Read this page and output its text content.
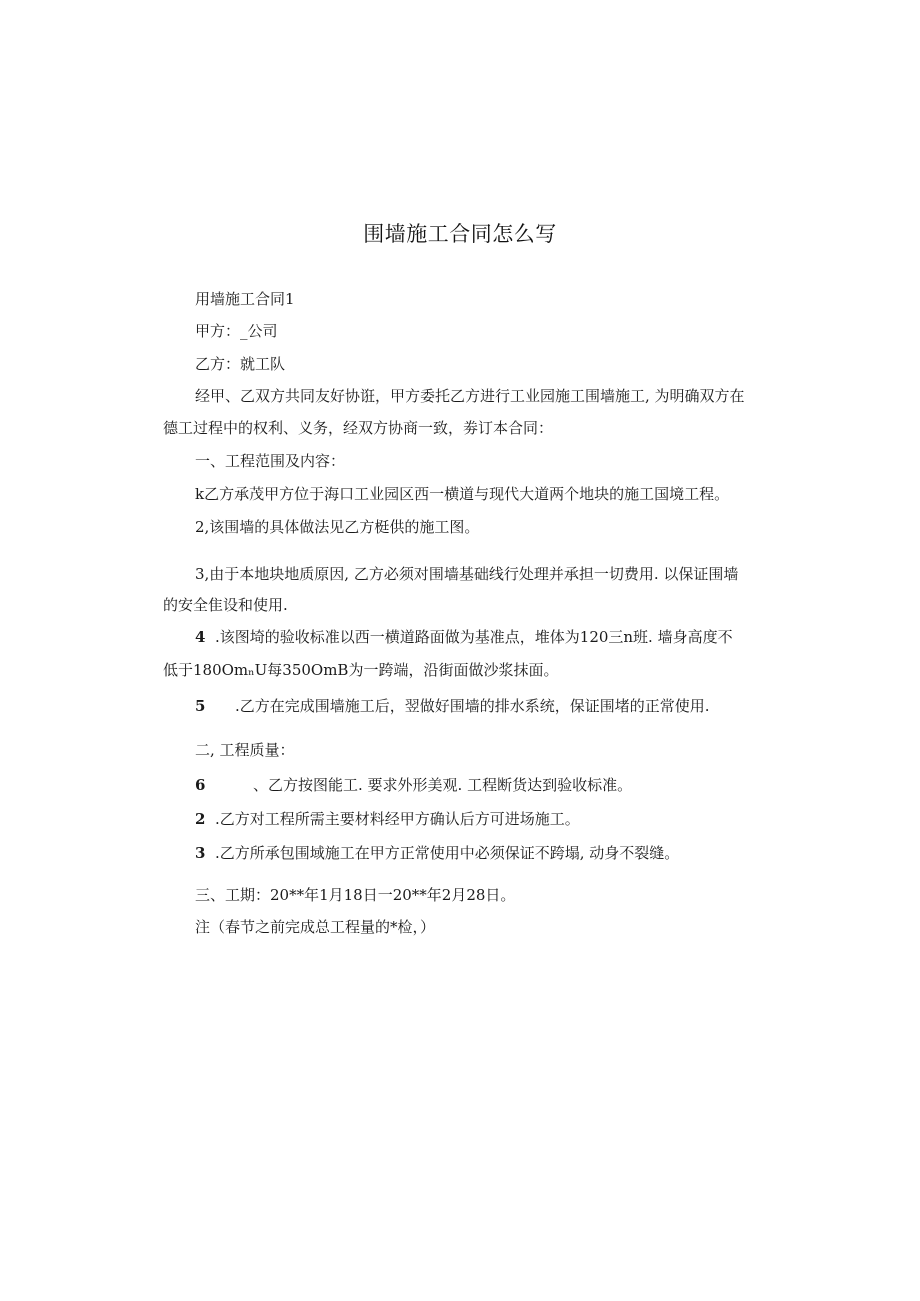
围墙施工合同怎么写
用墙施工合同1
甲方：_公司
乙方：就工队
经甲、乙双方共同友好协诳，甲方委托乙方进行工业园施工围墙施工, 为明确双方在
德工过程中的权利、义务，经双方协商一致，劵订本合同：
一、工程范围及内容：
k乙方承茂甲方位于海口工业园区西一横道与现代大道两个地块的施工国境工程。
2,该围墙的具体做法见乙方梃供的施工图。
3,由于本地块地质原因, 乙方必须对围墙基础线行处理并承担一切费用. 以保证围墙
的安全隹设和使用.
4 .该图埼的验收标准以西一横道路面做为基准点，堆体为120三n班. 墙身高度不
低于180OmₙU每350OmB为一跨端，沿街面做沙浆抹面。
5 .乙方在完成围墙施工后，翌做好围墙的排水系统，保证围堵的正常使用.
二, 工程质量：
6	、乙方按图能工. 要求外形美观. 工程断货达到验收标准。
2 .乙方对工程所需主要材料经甲方确认后方可进场施工。
3 .乙方所承包围域施工在甲方正常使用中必须保证不跨塌, 动身不裂缝。
三、工期：20**年1月18日一20**年2月28日。
注（春节之前完成总工程量的*检，）
